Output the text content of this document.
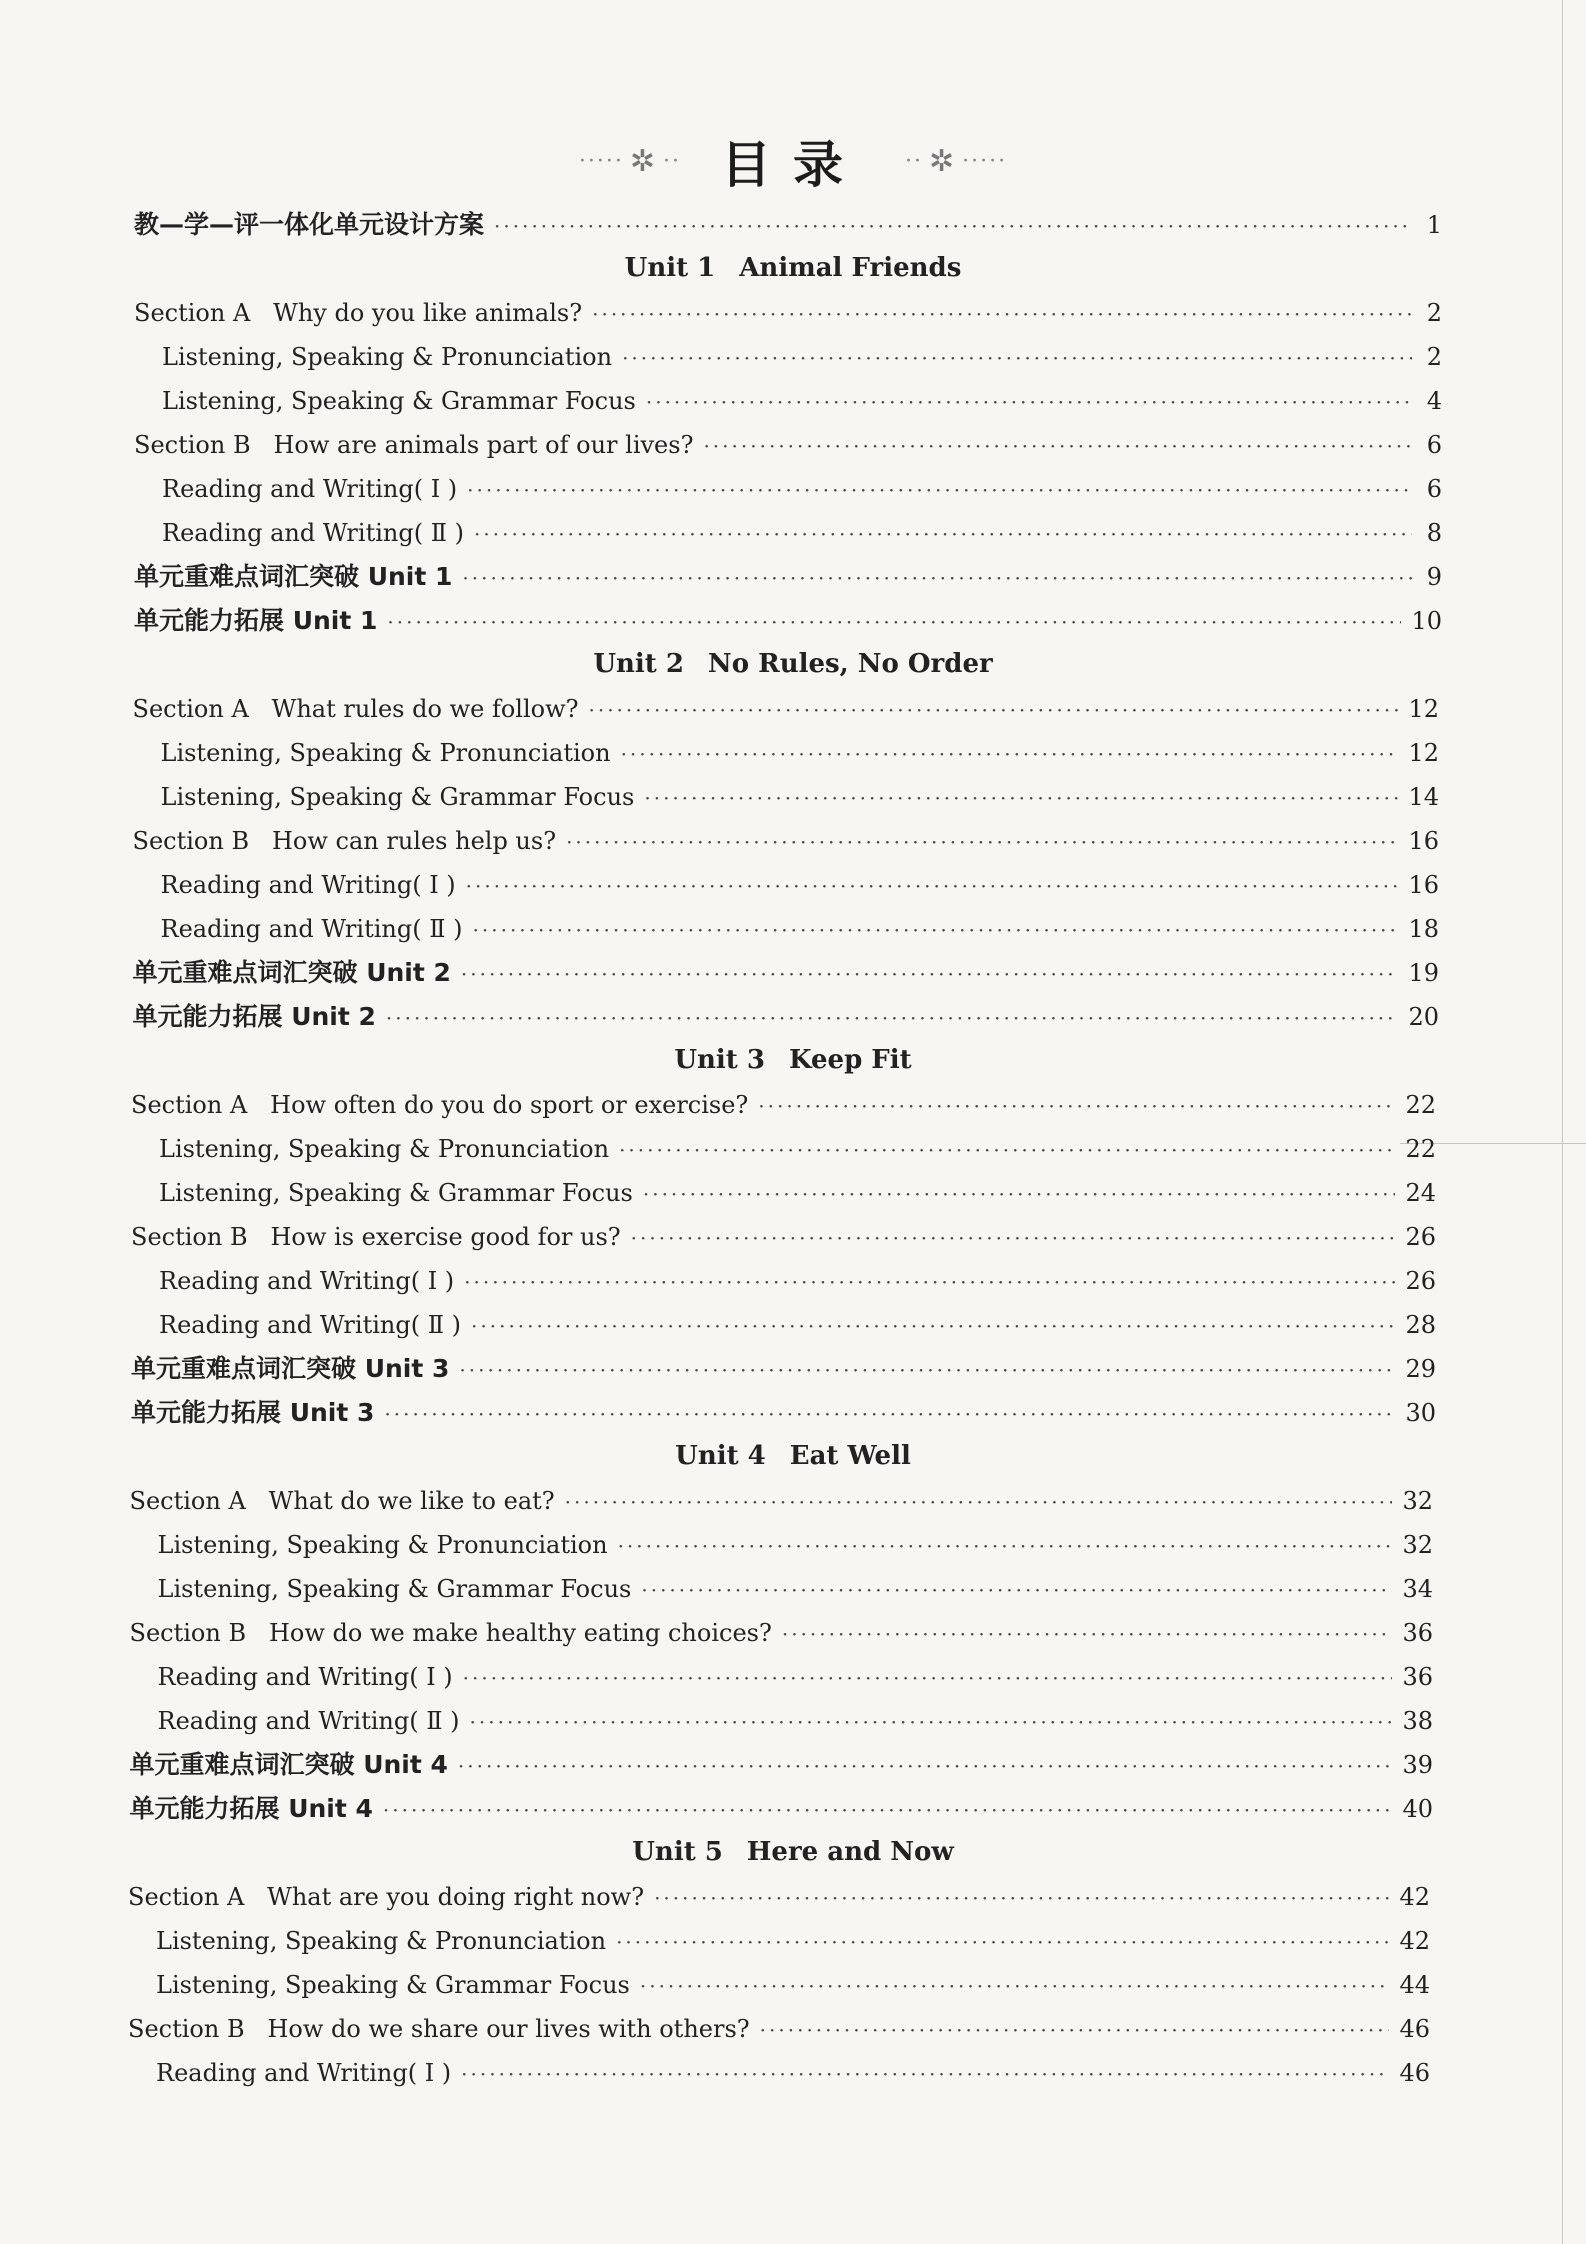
····· ✲ ·· 目录 ·· ✲ ·····
教—学—评一体化单元设计方案 ·····	1
Unit 1 Animal Friends
Section A   Why do you like animals? ·····	2
Listening, Speaking & Pronunciation ·····	2
Listening, Speaking & Grammar Focus ·····	4
Section B   How are animals part of our lives? ·····	6
Reading and Writing( Ⅰ ) ·····	6
Reading and Writing( Ⅱ ) ·····	8
单元重难点词汇突破 Unit 1 ·····	9
单元能力拓展 Unit 1 ·····	10
Unit 2 No Rules, No Order
Section A   What rules do we follow? ·····	12
Listening, Speaking & Pronunciation ·····	12
Listening, Speaking & Grammar Focus ·····	14
Section B   How can rules help us? ·····	16
Reading and Writing( Ⅰ ) ·····	16
Reading and Writing( Ⅱ ) ·····	18
单元重难点词汇突破 Unit 2 ·····	19
单元能力拓展 Unit 2 ·····	20
Unit 3 Keep Fit
Section A   How often do you do sport or exercise? ·····	22
Listening, Speaking & Pronunciation ·····	22
Listening, Speaking & Grammar Focus ·····	24
Section B   How is exercise good for us? ·····	26
Reading and Writing( Ⅰ ) ·····	26
Reading and Writing( Ⅱ ) ·····	28
单元重难点词汇突破 Unit 3 ·····	29
单元能力拓展 Unit 3 ·····	30
Unit 4 Eat Well
Section A   What do we like to eat? ·····	32
Listening, Speaking & Pronunciation ·····	32
Listening, Speaking & Grammar Focus ·····	34
Section B   How do we make healthy eating choices? ·····	36
Reading and Writing( Ⅰ ) ·····	36
Reading and Writing( Ⅱ ) ·····	38
单元重难点词汇突破 Unit 4 ·····	39
单元能力拓展 Unit 4 ·····	40
Unit 5 Here and Now
Section A   What are you doing right now? ·····	42
Listening, Speaking & Pronunciation ·····	42
Listening, Speaking & Grammar Focus ·····	44
Section B   How do we share our lives with others? ·····	46
Reading and Writing( Ⅰ ) ·····	46
